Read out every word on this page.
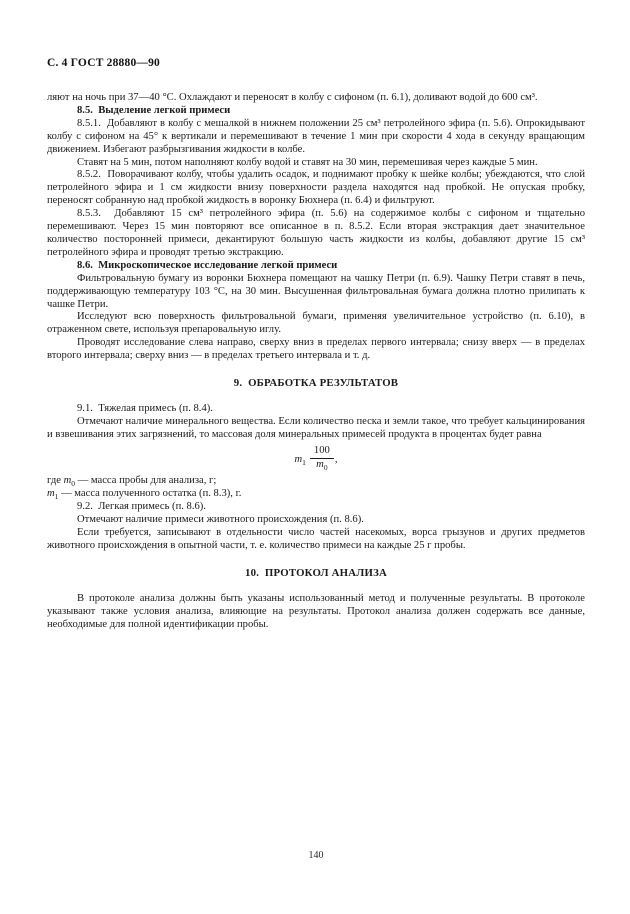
С. 4 ГОСТ 28880—90

ляют на ночь при 37—40 °С. Охлаждают и переносят в колбу с сифоном (п. 6.1), доливают водой до 600 см³.

8.5.  Выделение легкой примеси

8.5.1.  Добавляют в колбу с мешалкой в нижнем положении 25 см³ петролейного эфира (п. 5.6). Опрокидывают колбу с сифоном на 45° к вертикали и перемешивают в течение 1 мин при скорости 4 хода в секунду вращающим движением. Избегают разбрызгивания жидкости в колбе.

Ставят на 5 мин, потом наполняют колбу водой и ставят на 30 мин, перемешивая через каждые 5 мин.

8.5.2.  Поворачивают колбу, чтобы удалить осадок, и поднимают пробку к шейке колбы; убеждаются, что слой петролейного эфира и 1 см жидкости внизу поверхности раздела находятся над пробкой. Не опуская пробку, переносят собранную над пробкой жидкость в воронку Бюхнера (п. 6.4) и фильтруют.

8.5.3.  Добавляют 15 см³ петролейного эфира (п. 5.6) на содержимое колбы с сифоном и тщательно перемешивают. Через 15 мин повторяют все описанное в п. 8.5.2. Если вторая экстракция дает значительное количество посторонней примеси, декантируют большую часть жидкости из колбы, добавляют другие 15 см³ петролейного эфира и проводят третью экстракцию.

8.6.  Микроскопическое исследование легкой примеси

Фильтровальную бумагу из воронки Бюхнера помещают на чашку Петри (п. 6.9). Чашку Петри ставят в печь, поддерживающую температуру 103 °С, на 30 мин. Высушенная фильтровальная бумага должна плотно прилипать к чашке Петри.

Исследуют всю поверхность фильтровальной бумаги, применяя увеличительное устройство (п. 6.10), в отраженном свете, используя препаровальную иглу.

Проводят исследование слева направо, сверху вниз в пределах первого интервала; снизу вверх — в пределах второго интервала; сверху вниз — в пределах третьего интервала и т. д.

9.  ОБРАБОТКА РЕЗУЛЬТАТОВ

9.1.  Тяжелая примесь (п. 8.4).

Отмечают наличие минерального вещества. Если количество песка и земли такое, что требует кальцинирования и взвешивания этих загрязнений, то массовая доля минеральных примесей продукта в процентах будет равна

$m_1 \frac{100}{m_0}$ ,

где $m_0$ — масса пробы для анализа, г;

$m_1$ — масса полученного остатка (п. 8.3), г.

9.2.  Легкая примесь (п. 8.6).

Отмечают наличие примеси животного происхождения (п. 8.6).

Если требуется, записывают в отдельности число частей насекомых, ворса грызунов и других предметов животного происхождения в опытной части, т. е. количество примеси на каждые 25 г пробы.

10.  ПРОТОКОЛ АНАЛИЗА

В протоколе анализа должны быть указаны использованный метод и полученные результаты. В протоколе указывают также условия анализа, влияющие на результаты. Протокол анализа должен содержать все данные, необходимые для полной идентификации пробы.

140
